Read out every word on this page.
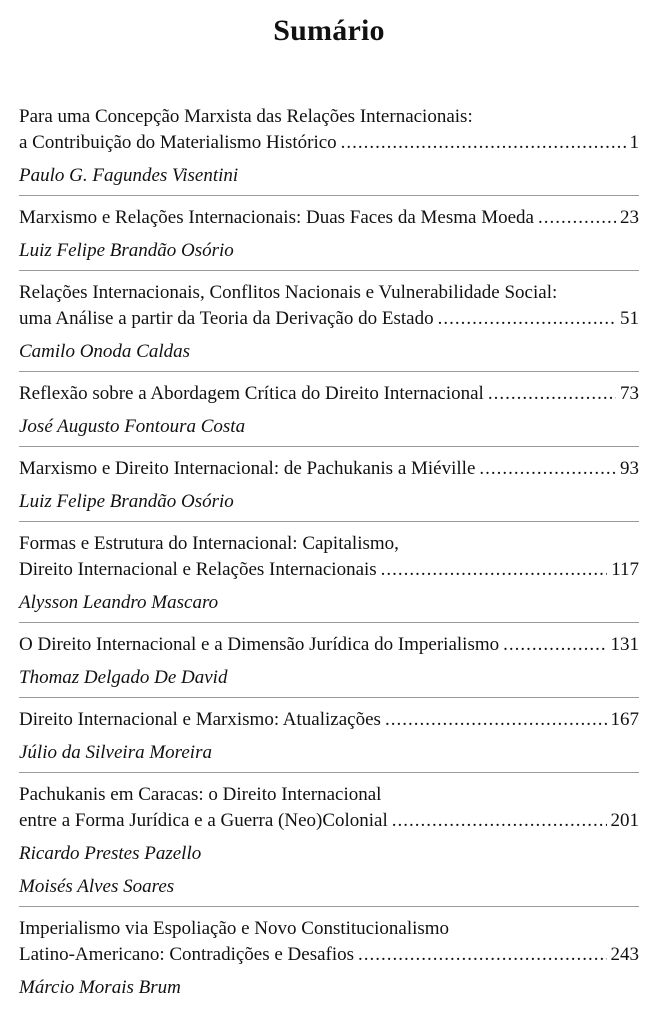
Sumário
Para uma Concepção Marxista das Relações Internacionais:
a Contribuição do Materialismo Histórico .....	1
Paulo G. Fagundes Visentini
Marxismo e Relações Internacionais: Duas Faces da Mesma Moeda .....	23
Luiz Felipe Brandão Osório
Relações Internacionais, Conflitos Nacionais e Vulnerabilidade Social:
uma Análise a partir da Teoria da Derivação do Estado .....	51
Camilo Onoda Caldas
Reflexão sobre a Abordagem Crítica do Direito Internacional .....	73
José Augusto Fontoura Costa
Marxismo e Direito Internacional: de Pachukanis a Miéville .....	93
Luiz Felipe Brandão Osório
Formas e Estrutura do Internacional: Capitalismo,
Direito Internacional e Relações Internacionais .....	117
Alysson Leandro Mascaro
O Direito Internacional e a Dimensão Jurídica do Imperialismo .....	131
Thomaz Delgado De David
Direito Internacional e Marxismo: Atualizações .....	167
Júlio da Silveira Moreira
Pachukanis em Caracas: o Direito Internacional
entre a Forma Jurídica e a Guerra (Neo)Colonial .....	201
Ricardo Prestes Pazello
Moisés Alves Soares
Imperialismo via Espoliação e Novo Constitucionalismo
Latino-Americano: Contradições e Desafios .....	243
Márcio Morais Brum
